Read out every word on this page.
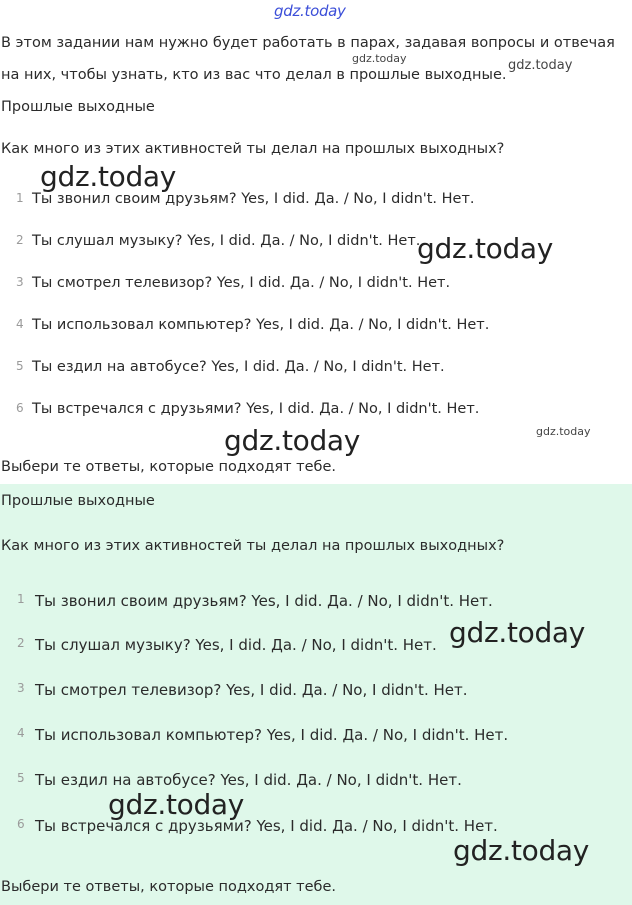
gdz.today
В этом задании нам нужно будет работать в парах, задавая вопросы и отвечая
на них, чтобы узнать, кто из вас что делал в прошлые выходные.
Прошлые выходные
Как много из этих активностей ты делал на прошлых выходных?
1 Ты звонил своим друзьям? Yes, I did. Да. / No, I didn't. Нет.
2 Ты слушал музыку? Yes, I did. Да. / No, I didn't. Нет.
3 Ты смотрел телевизор? Yes, I did. Да. / No, I didn't. Нет.
4 Ты использовал компьютер? Yes, I did. Да. / No, I didn't. Нет.
5 Ты ездил на автобусе? Yes, I did. Да. / No, I didn't. Нет.
6 Ты встречался с друзьями? Yes, I did. Да. / No, I didn't. Нет.
Выбери те ответы, которые подходят тебе.
Прошлые выходные
Как много из этих активностей ты делал на прошлых выходных?
1 Ты звонил своим друзьям? Yes, I did. Да. / No, I didn't. Нет.
2 Ты слушал музыку? Yes, I did. Да. / No, I didn't. Нет.
3 Ты смотрел телевизор? Yes, I did. Да. / No, I didn't. Нет.
4 Ты использовал компьютер? Yes, I did. Да. / No, I didn't. Нет.
5 Ты ездил на автобусе? Yes, I did. Да. / No, I didn't. Нет.
6 Ты встречался с друзьями? Yes, I did. Да. / No, I didn't. Нет.
Выбери те ответы, которые подходят тебе.
gdz.today	gdz.today
gdz.today
gdz.today
gdz.today	gdz.today
gdz.today
gdz.today
gdz.today
